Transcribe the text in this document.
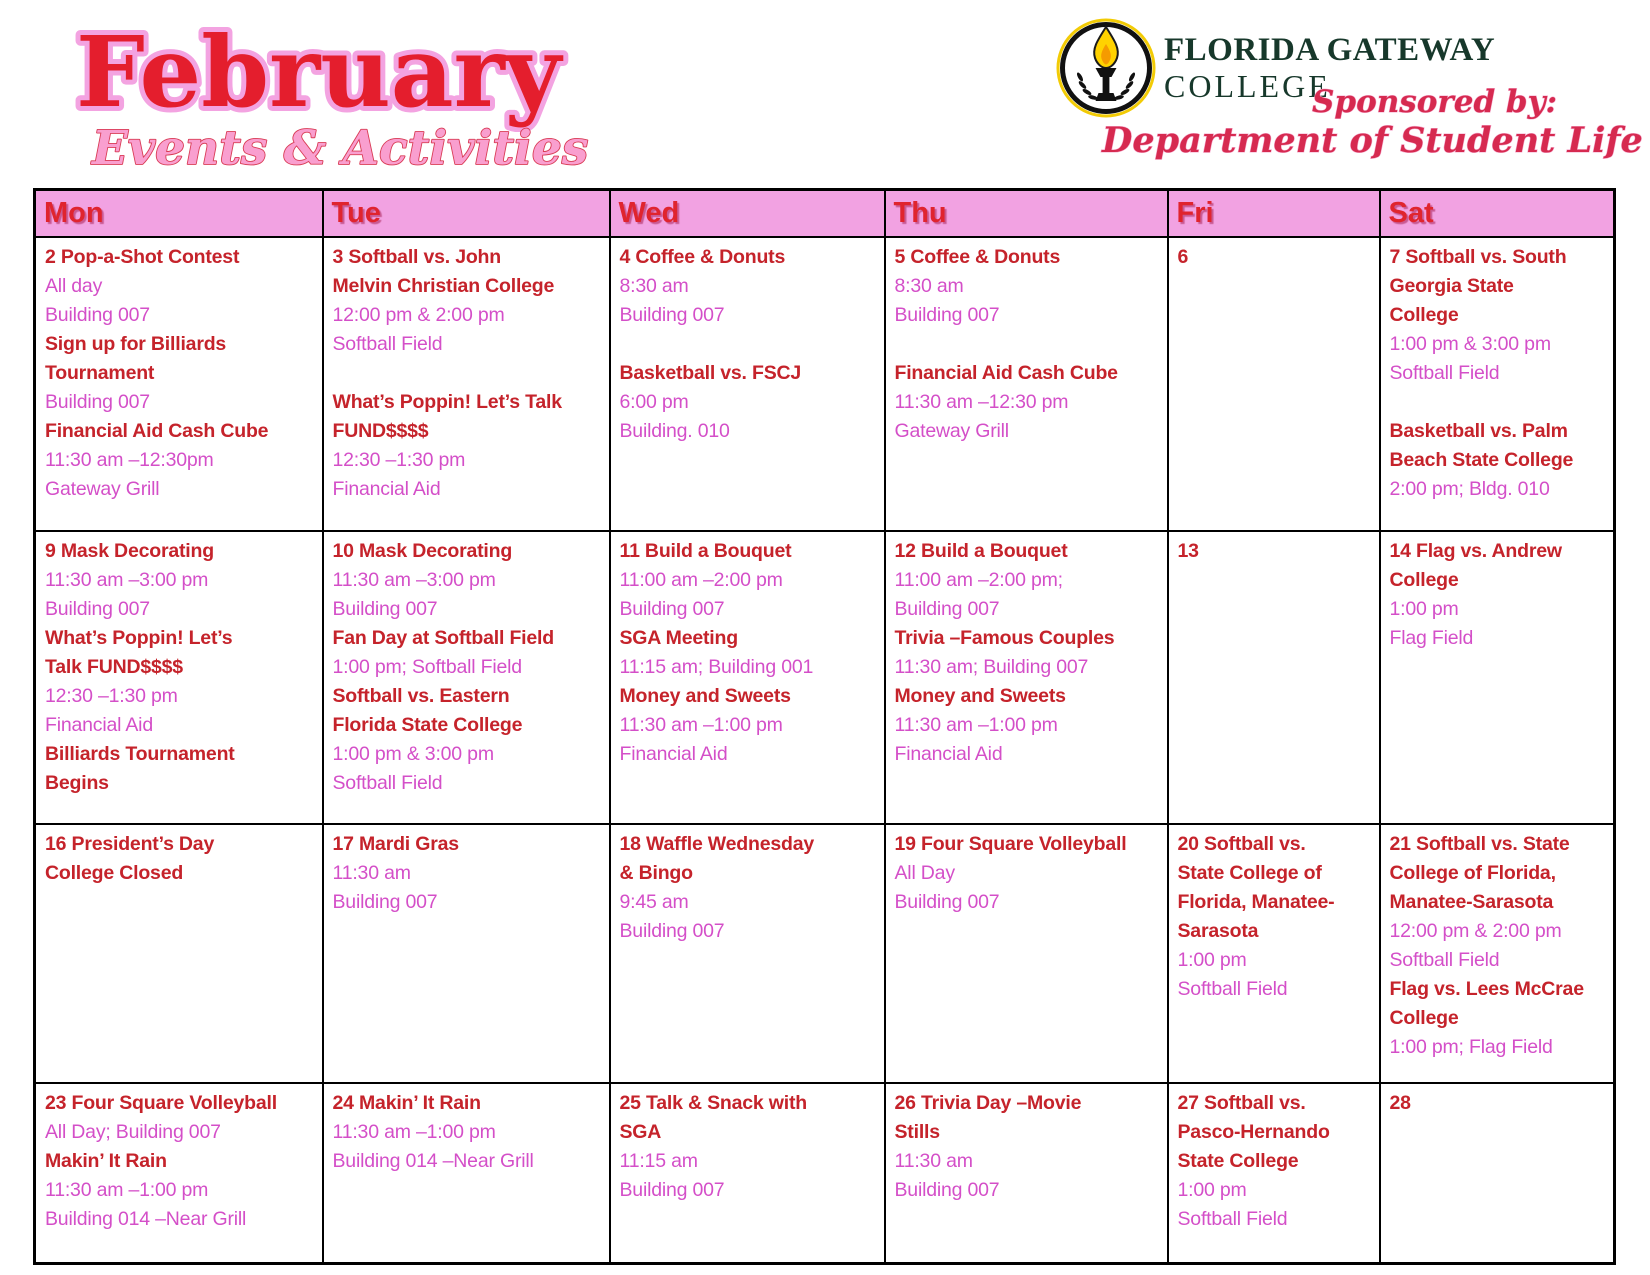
February
Events & Activities
FLORIDA GATEWAY
COLLEGE
Sponsored by:
Department of Student Life
Mon	Tue	Wed	Thu	Fri	Sat

2 Pop-a-Shot Contest
All day
Building 007
Sign up for Billiards
Tournament
Building 007
Financial Aid Cash Cube
11:30 am –12:30pm
Gateway Grill

3 Softball vs. John
Melvin Christian College
12:00 pm & 2:00 pm
Softball Field
What’s Poppin! Let’s Talk
FUND$$$$
12:30 –1:30 pm
Financial Aid

4 Coffee & Donuts
8:30 am
Building 007
Basketball vs. FSCJ
6:00 pm
Building. 010

5 Coffee & Donuts
8:30 am
Building 007
Financial Aid Cash Cube
11:30 am –12:30 pm
Gateway Grill

6	7 Softball vs. South
Georgia State
College
1:00 pm & 3:00 pm
Softball Field
Basketball vs. Palm
Beach State College
2:00 pm; Bldg. 010

9 Mask Decorating
11:30 am –3:00 pm
Building 007
What’s Poppin! Let’s
Talk FUND$$$$
12:30 –1:30 pm
Financial Aid
Billiards Tournament
Begins

10 Mask Decorating
11:30 am –3:00 pm
Building 007
Fan Day at Softball Field
1:00 pm; Softball Field
Softball vs. Eastern
Florida State College
1:00 pm & 3:00 pm
Softball Field

11 Build a Bouquet
11:00 am –2:00 pm
Building 007
SGA Meeting
11:15 am; Building 001
Money and Sweets
11:30 am –1:00 pm
Financial Aid

12 Build a Bouquet
11:00 am –2:00 pm;
Building 007
Trivia –Famous Couples
11:30 am; Building 007
Money and Sweets
11:30 am –1:00 pm
Financial Aid

13	14 Flag vs. Andrew
College
1:00 pm
Flag Field

16 President’s Day
College Closed

17 Mardi Gras
11:30 am
Building 007

18 Waffle Wednesday
& Bingo
9:45 am
Building 007

19 Four Square Volleyball
All Day
Building 007

20 Softball vs.
State College of
Florida, Manatee-
Sarasota
1:00 pm
Softball Field

21 Softball vs. State
College of Florida,
Manatee-Sarasota
12:00 pm & 2:00 pm
Softball Field
Flag vs. Lees McCrae
College
1:00 pm; Flag Field

23 Four Square Volleyball
All Day; Building 007
Makin’ It Rain
11:30 am –1:00 pm
Building 014 –Near Grill

24 Makin’ It Rain
11:30 am –1:00 pm
Building 014 –Near Grill

25 Talk & Snack with
SGA
11:15 am
Building 007

26 Trivia Day –Movie
Stills
11:30 am
Building 007

27 Softball vs.
Pasco-Hernando
State College
1:00 pm
Softball Field

28
